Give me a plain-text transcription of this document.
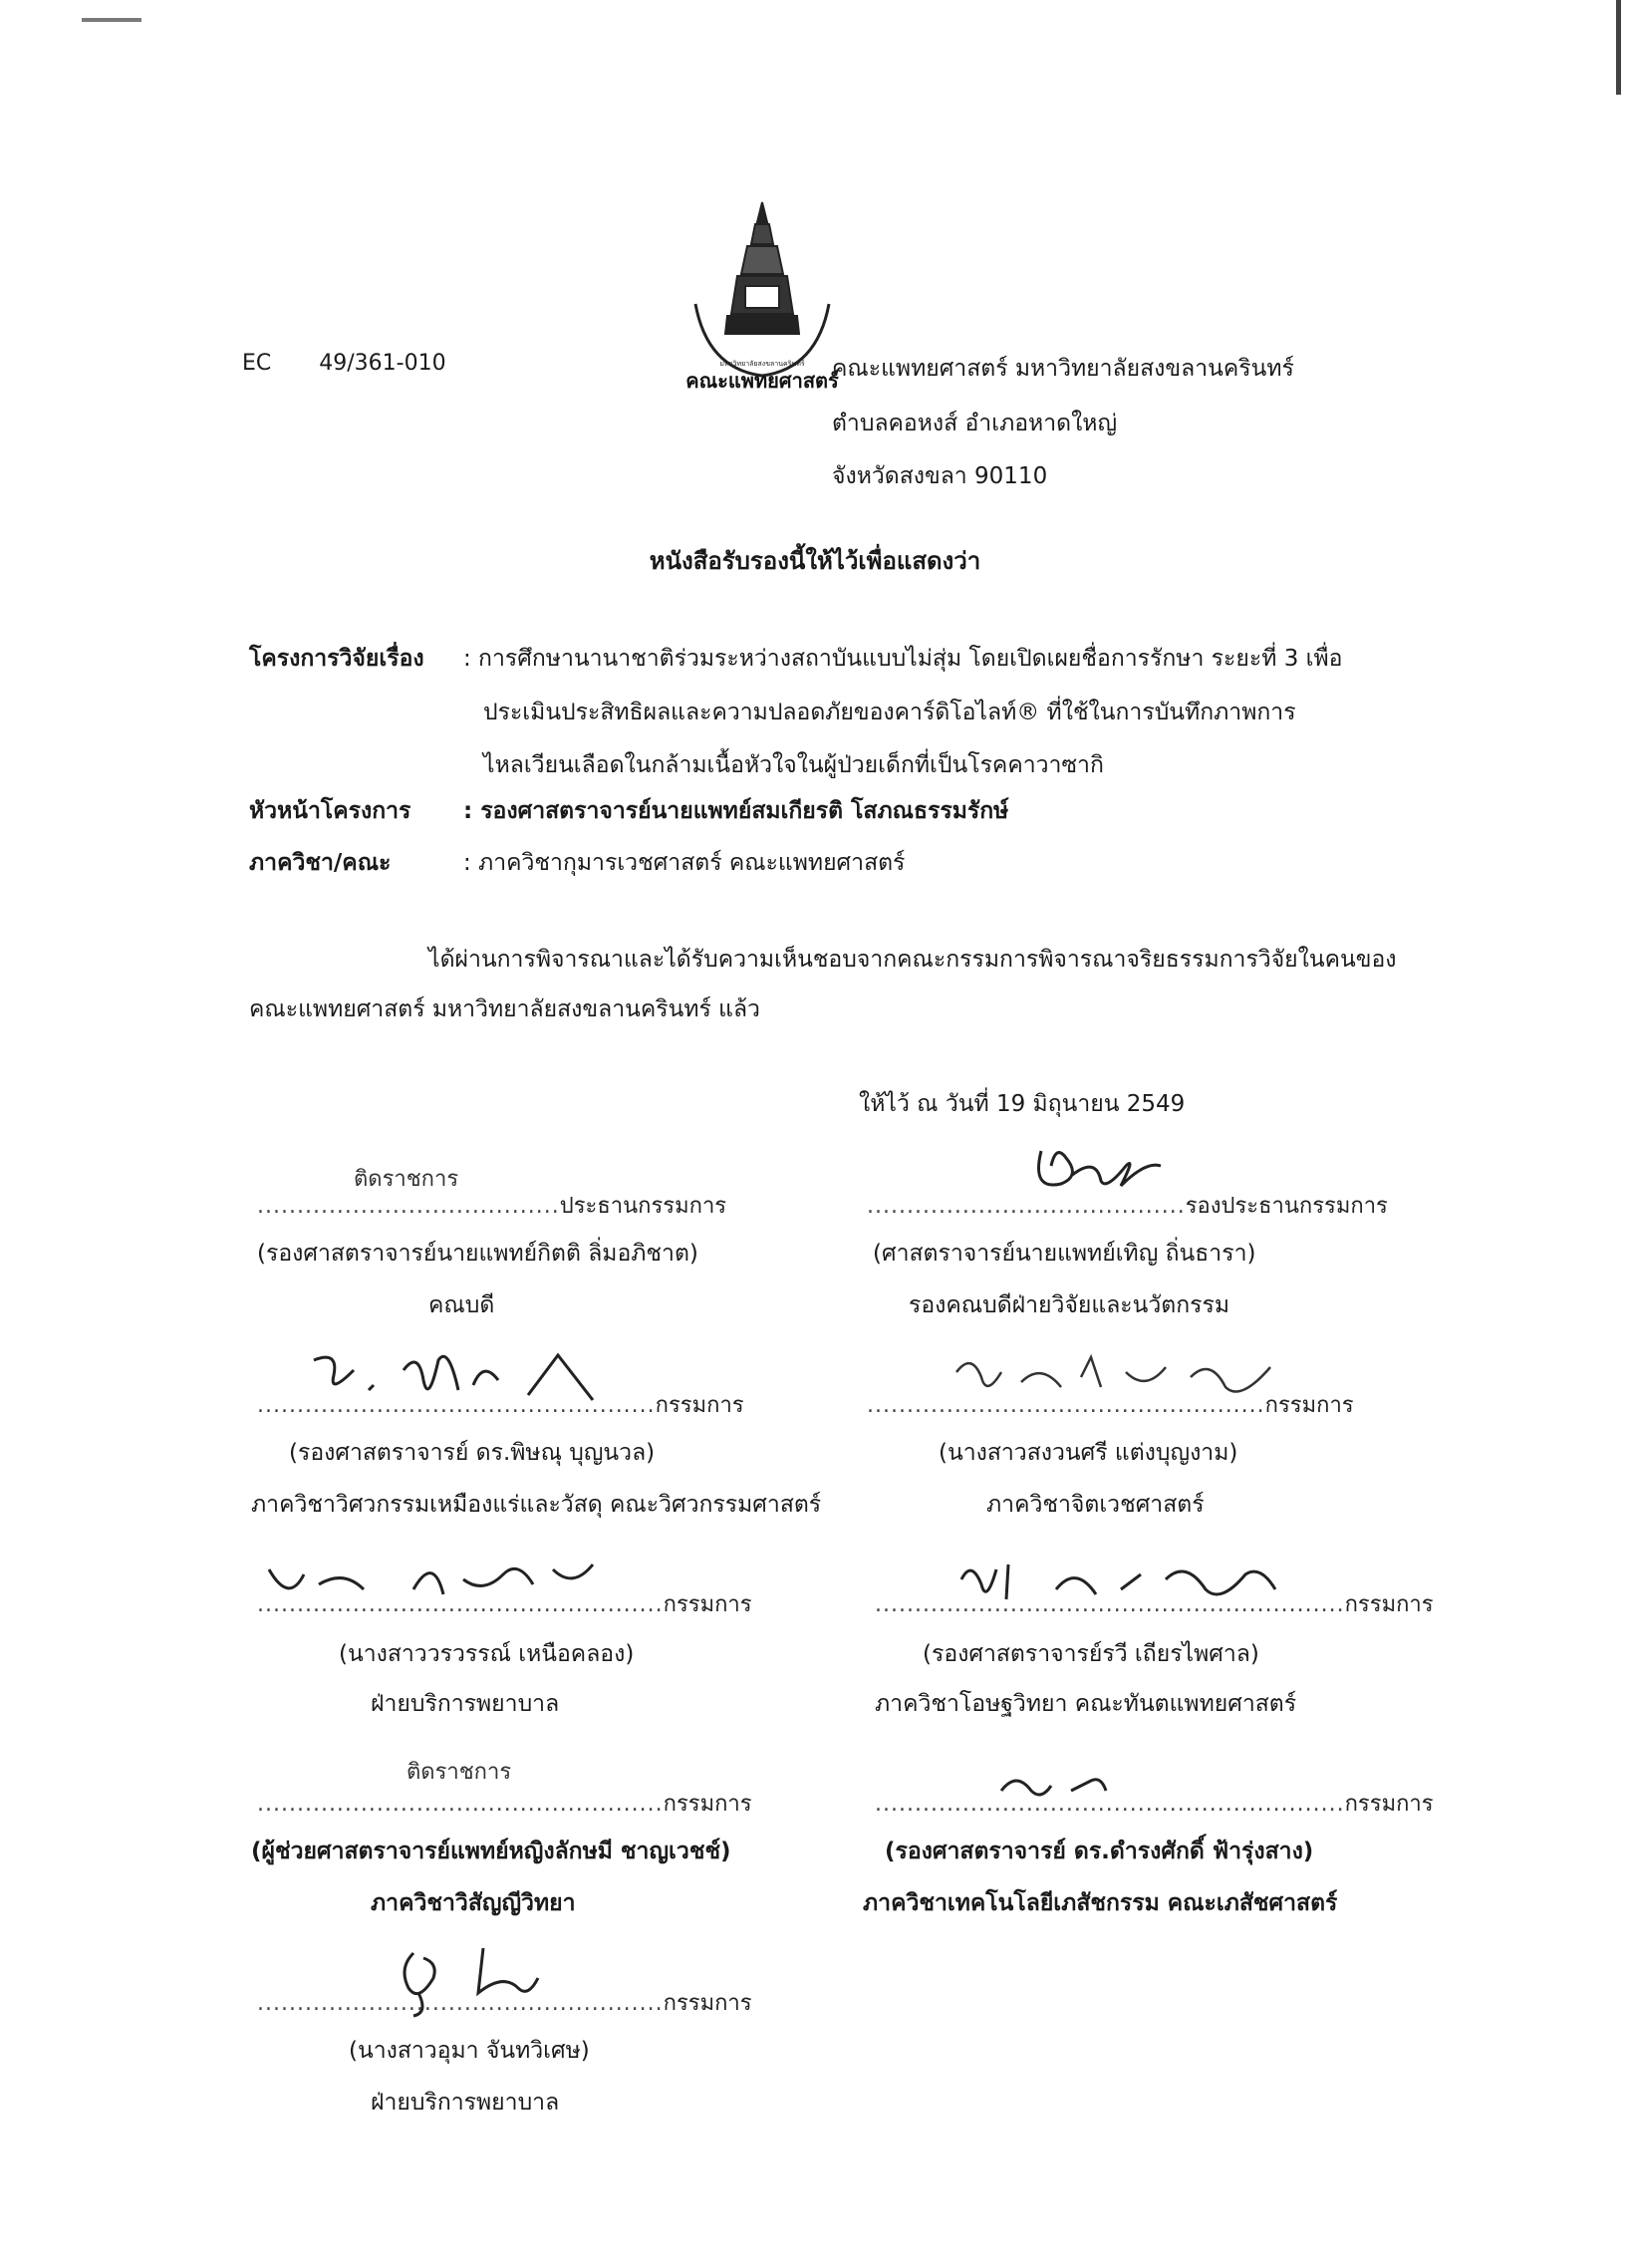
มหาวิทยาลัยสงขลานครินทร์
คณะแพทยศาสตร์
EC 49/361-010	คณะแพทยศาสตร์ มหาวิทยาลัยสงขลานครินทร์
ตำบลคอหงส์ อำเภอหาดใหญ่
จังหวัดสงขลา 90110
หนังสือรับรองนี้ให้ไว้เพื่อแสดงว่า
โครงการวิจัยเรื่อง : การศึกษานานาชาติร่วมระหว่างสถาบันแบบไม่สุ่ม โดยเปิดเผยชื่อการรักษา ระยะที่ 3 เพื่อ
ประเมินประสิทธิผลและความปลอดภัยของคาร์ดิโอไลท์® ที่ใช้ในการบันทึกภาพการ
ไหลเวียนเลือดในกล้ามเนื้อหัวใจในผู้ป่วยเด็กที่เป็นโรคคาวาซากิ
หัวหน้าโครงการ : รองศาสตราจารย์นายแพทย์สมเกียรติ โสภณธรรมรักษ์
ภาควิชา/คณะ	: ภาควิชากุมารเวชศาสตร์ คณะแพทยศาสตร์
ได้ผ่านการพิจารณาและได้รับความเห็นชอบจากคณะกรรมการพิจารณาจริยธรรมการวิจัยในคนของคณะแพทยศาสตร์ มหาวิทยาลัยสงขลานครินทร์ แล้ว
ให้ไว้ ณ วันที่ 19 มิถุนายน 2549
ติดราชการ
......................................ประธานกรรมการ
(รองศาสตราจารย์นายแพทย์กิตติ ลิ่มอภิชาต)
คณบดี
........................................รองประธานกรรมการ
(ศาสตราจารย์นายแพทย์เทิญ ถิ่นธารา)
รองคณบดีฝ่ายวิจัยและนวัตกรรม
..................................................กรรมการ
(รองศาสตราจารย์ ดร.พิษณุ บุญนวล)
ภาควิชาวิศวกรรมเหมืองแร่และวัสดุ คณะวิศวกรรมศาสตร์
..................................................กรรมการ
(นางสาวสงวนศรี แต่งบุญงาม)
ภาควิชาจิตเวชศาสตร์
...................................................กรรมการ
(นางสาววรวรรณ์ เหนือคลอง)
ฝ่ายบริการพยาบาล
...........................................................กรรมการ
(รองศาสตราจารย์รวี เถียรไพศาล)
ภาควิชาโอษฐวิทยา คณะทันตแพทยศาสตร์
ติดราชการ
...................................................กรรมการ
(ผู้ช่วยศาสตราจารย์แพทย์หญิงลักษมี ชาญเวชช์)
ภาควิชาวิสัญญีวิทยา
...........................................................กรรมการ
(รองศาสตราจารย์ ดร.ดำรงศักดิ์ ฟ้ารุ่งสาง)
ภาควิชาเทคโนโลยีเภสัชกรรม คณะเภสัชศาสตร์
...................................................กรรมการ
(นางสาวอุมา จันทวิเศษ)
ฝ่ายบริการพยาบาล
